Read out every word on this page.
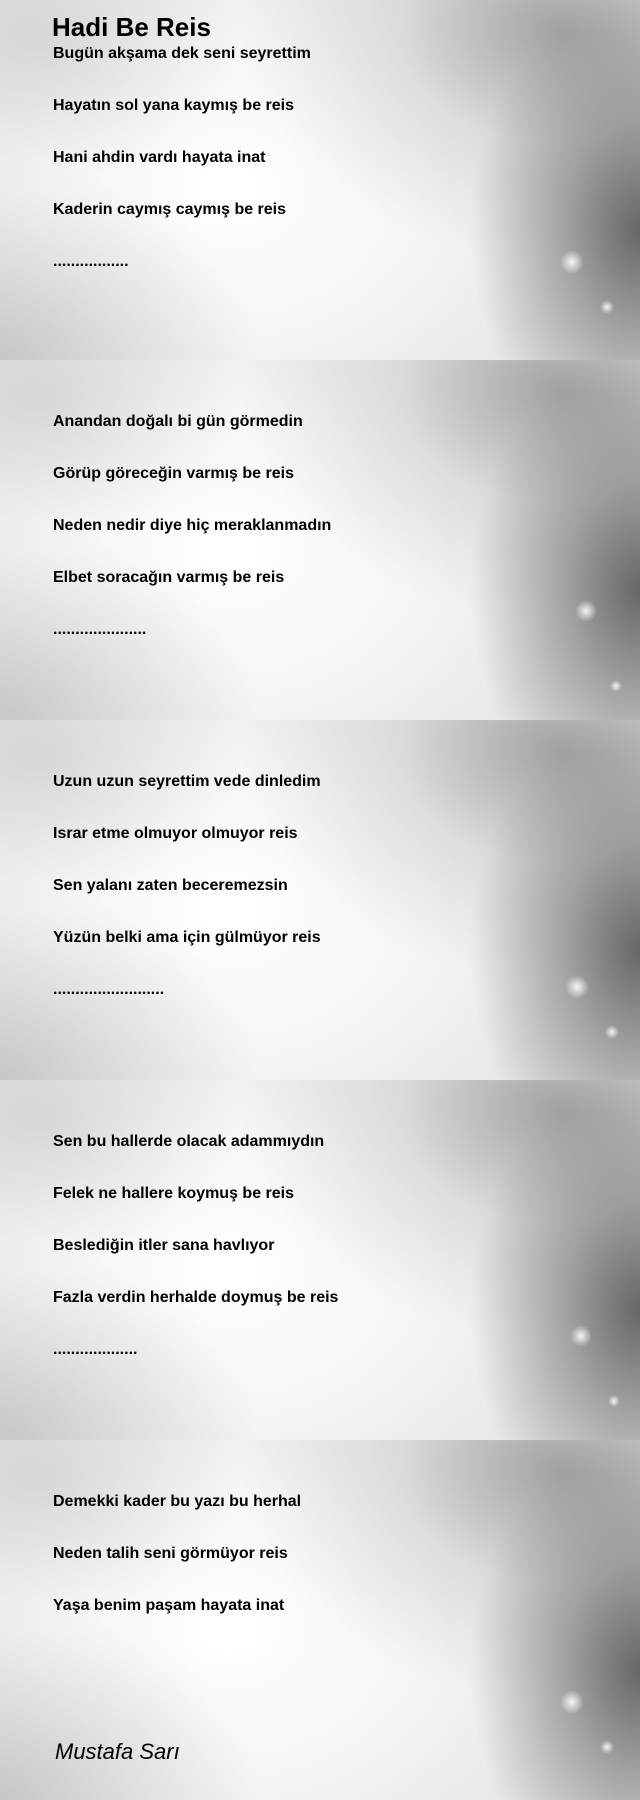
Hadi Be Reis
Bugün akşama dek seni seyrettim
Hayatın sol yana kaymış be reis
Hani ahdin vardı hayata inat
Kaderin caymış caymış be reis
.................
Anandan doğalı bi gün görmedin
Görüp göreceğin varmış be reis
Neden nedir diye hiç meraklanmadın
Elbet soracağın varmış be reis
.....................
Uzun uzun seyrettim vede dinledim
Israr etme olmuyor olmuyor reis
Sen yalanı zaten beceremezsin
Yüzün belki ama için gülmüyor reis
.........................
Sen bu hallerde olacak adammıydın
Felek ne hallere koymuş be reis
Beslediğin itler sana havlıyor
Fazla verdin herhalde doymuş be reis
...................
Demekki kader bu yazı bu herhal
Neden talih seni görmüyor reis
Yaşa benim paşam hayata inat
Mustafa Sarı
